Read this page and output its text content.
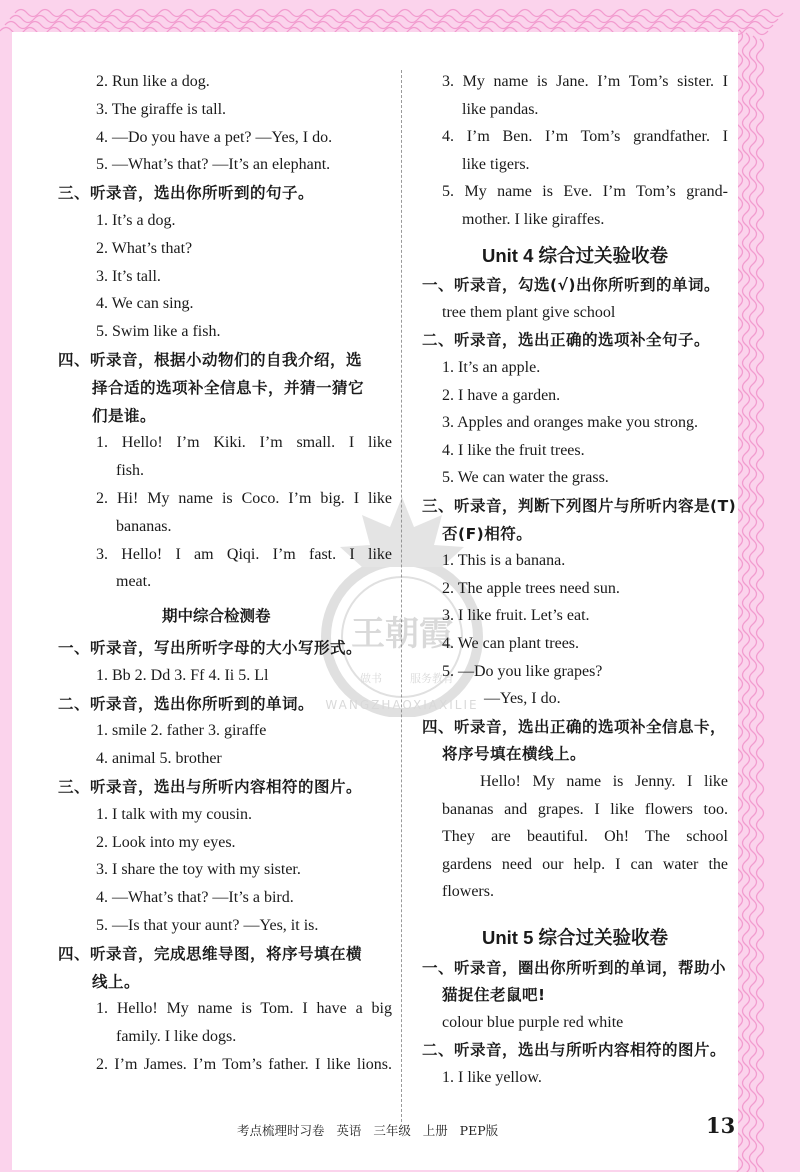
王朝霞
做书	服务教育
WANGZHAOXIAXILIE
2. Run like a dog.
3. The giraffe is tall.
4. —Do you have a pet? —Yes, I do.
5. —What’s that? —It’s an elephant.
三、听录音，选出你所听到的句子。
1. It’s a dog.
2. What’s that?
3. It’s tall.
4. We can sing.
5. Swim like a fish.
四、听录音，根据小动物们的自我介绍，选
择合适的选项补全信息卡，并猜一猜它
们是谁。
1. Hello! I’m Kiki. I’m small. I like
fish.
2. Hi! My name is Coco. I’m big. I like
bananas.
3. Hello! I am Qiqi. I’m fast. I like
meat.
期中综合检测卷
一、听录音，写出所听字母的大小写形式。
1. Bb 2. Dd 3. Ff 4. Ii 5. Ll
二、听录音，选出你所听到的单词。
1. smile 2. father 3. giraffe
4. animal 5. brother
三、听录音，选出与所听内容相符的图片。
1. I talk with my cousin.
2. Look into my eyes.
3. I share the toy with my sister.
4. —What’s that? —It’s a bird.
5. —Is that your aunt? —Yes, it is.
四、听录音，完成思维导图，将序号填在横
线上。
1. Hello! My name is Tom. I have a big
family. I like dogs.
2. I’m James. I’m Tom’s father. I like lions.
3. My name is Jane. I’m Tom’s sister. I
like pandas.
4. I’m Ben. I’m Tom’s grandfather. I
like tigers.
5. My name is Eve. I’m Tom’s grand-
mother. I like giraffes.
Unit 4 综合过关验收卷
一、听录音，勾选(√)出你所听到的单词。
tree them plant give school
二、听录音，选出正确的选项补全句子。
1. It’s an apple.
2. I have a garden.
3. Apples and oranges make you strong.
4. I like the fruit trees.
5. We can water the grass.
三、听录音，判断下列图片与所听内容是(T)
否(F)相符。
1. This is a banana.
2. The apple trees need sun.
3. I like fruit. Let’s eat.
4. We can plant trees.
5. —Do you like grapes?
—Yes, I do.
四、听录音，选出正确的选项补全信息卡，
将序号填在横线上。
Hello! My name is Jenny. I like
bananas and grapes. I like flowers too.
They are beautiful. Oh! The school
gardens need our help. I can water the
flowers.
Unit 5 综合过关验收卷
一、听录音，圈出你所听到的单词，帮助小
猫捉住老鼠吧!
colour blue purple red white
二、听录音，选出与所听内容相符的图片。
1. I like yellow.
考点梳理时习卷   英语   三年级   上册   PEP版	13
